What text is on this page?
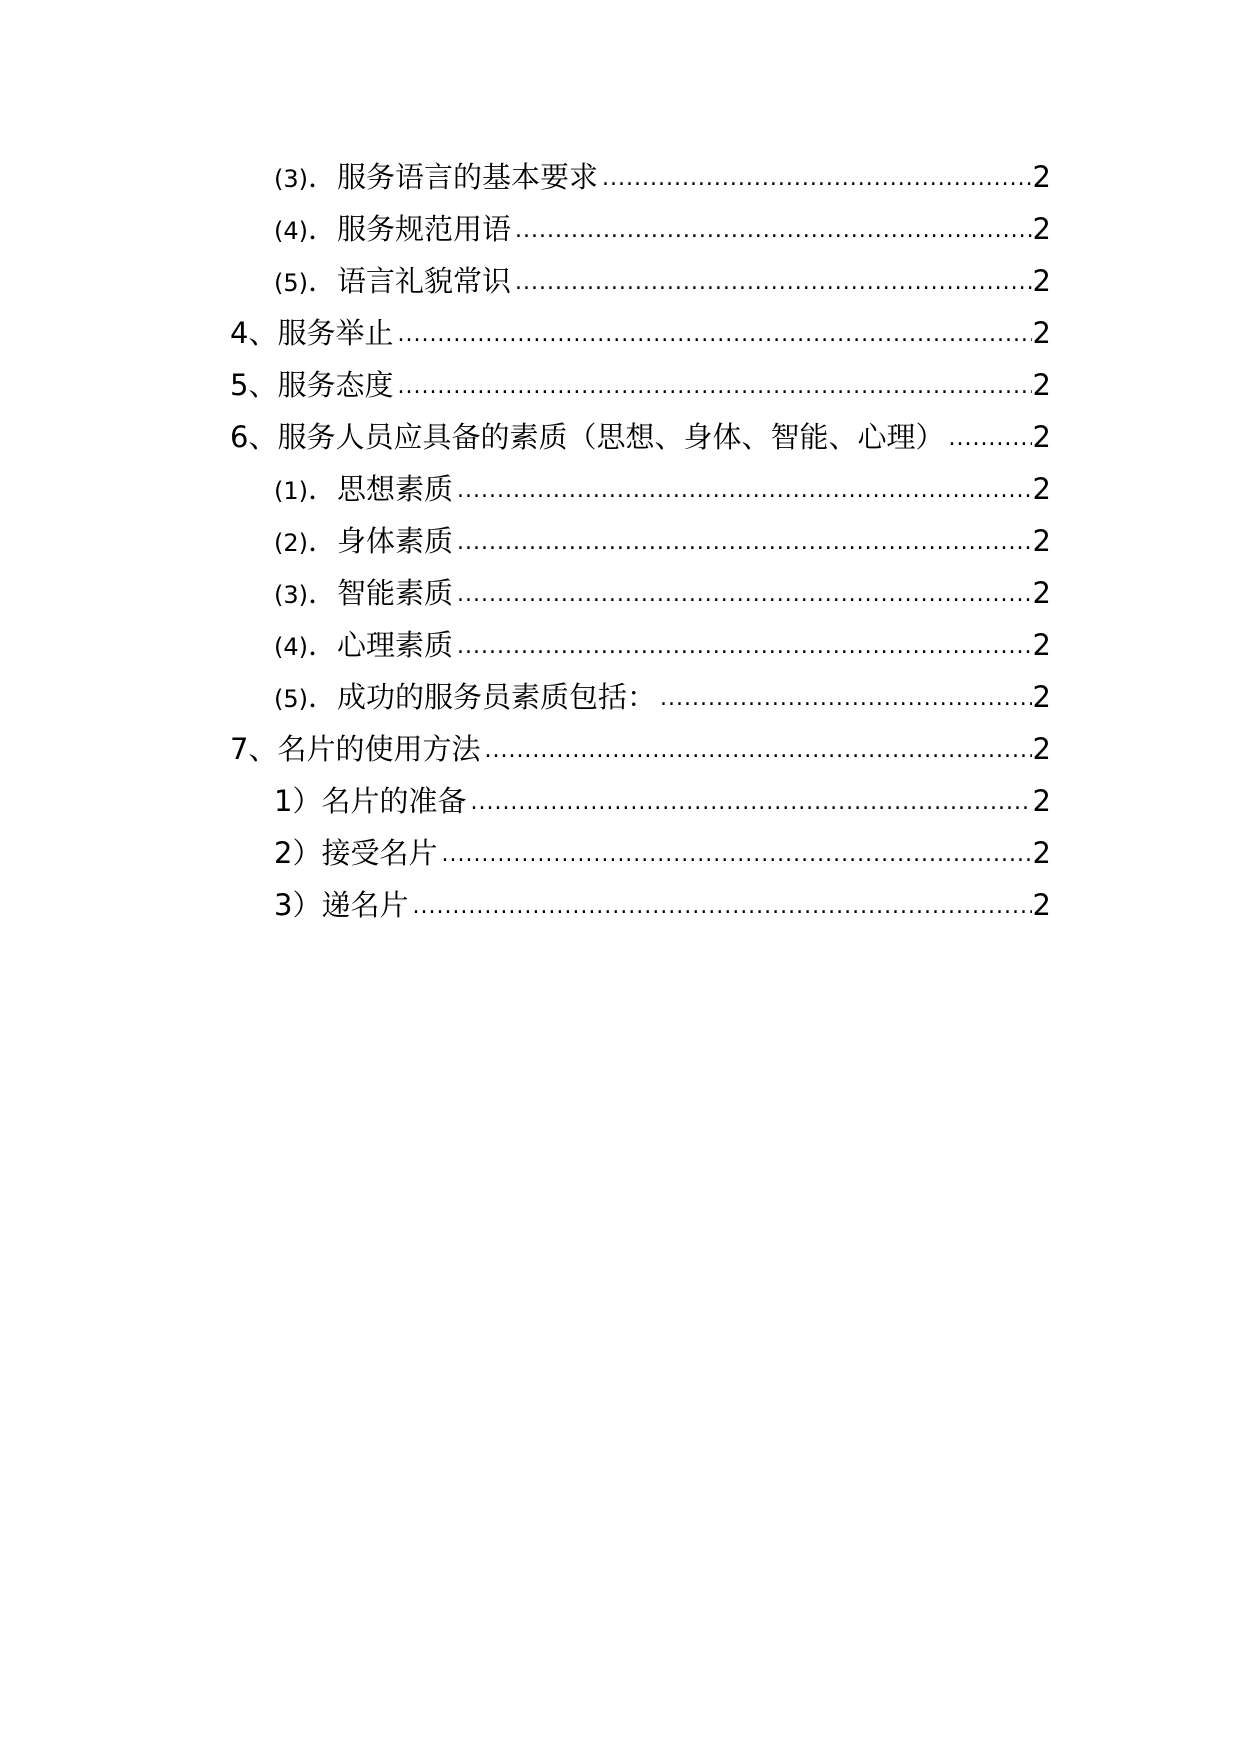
(3) ．服务语言的基本要求 .....	2
(4) ．服务规范用语 .....	2
(5) ．语言礼貌常识 .....	2
4 、服务举止 .....	2
5 、服务态度 .....	2
6 、服务人员应具备的素质（思想、身体、智能、心理） .....	2
(1) ．思想素质 .....	2
(2) ．身体素质 .....	2
(3) ．智能素质 .....	2
(4) ．心理素质 .....	2
(5) ．成功的服务员素质包括： .....	2
7 、名片的使用方法 .....	2
1 ）名片的准备 .....	2
2 ）接受名片 .....	2
3 ）递名片 .....	2
